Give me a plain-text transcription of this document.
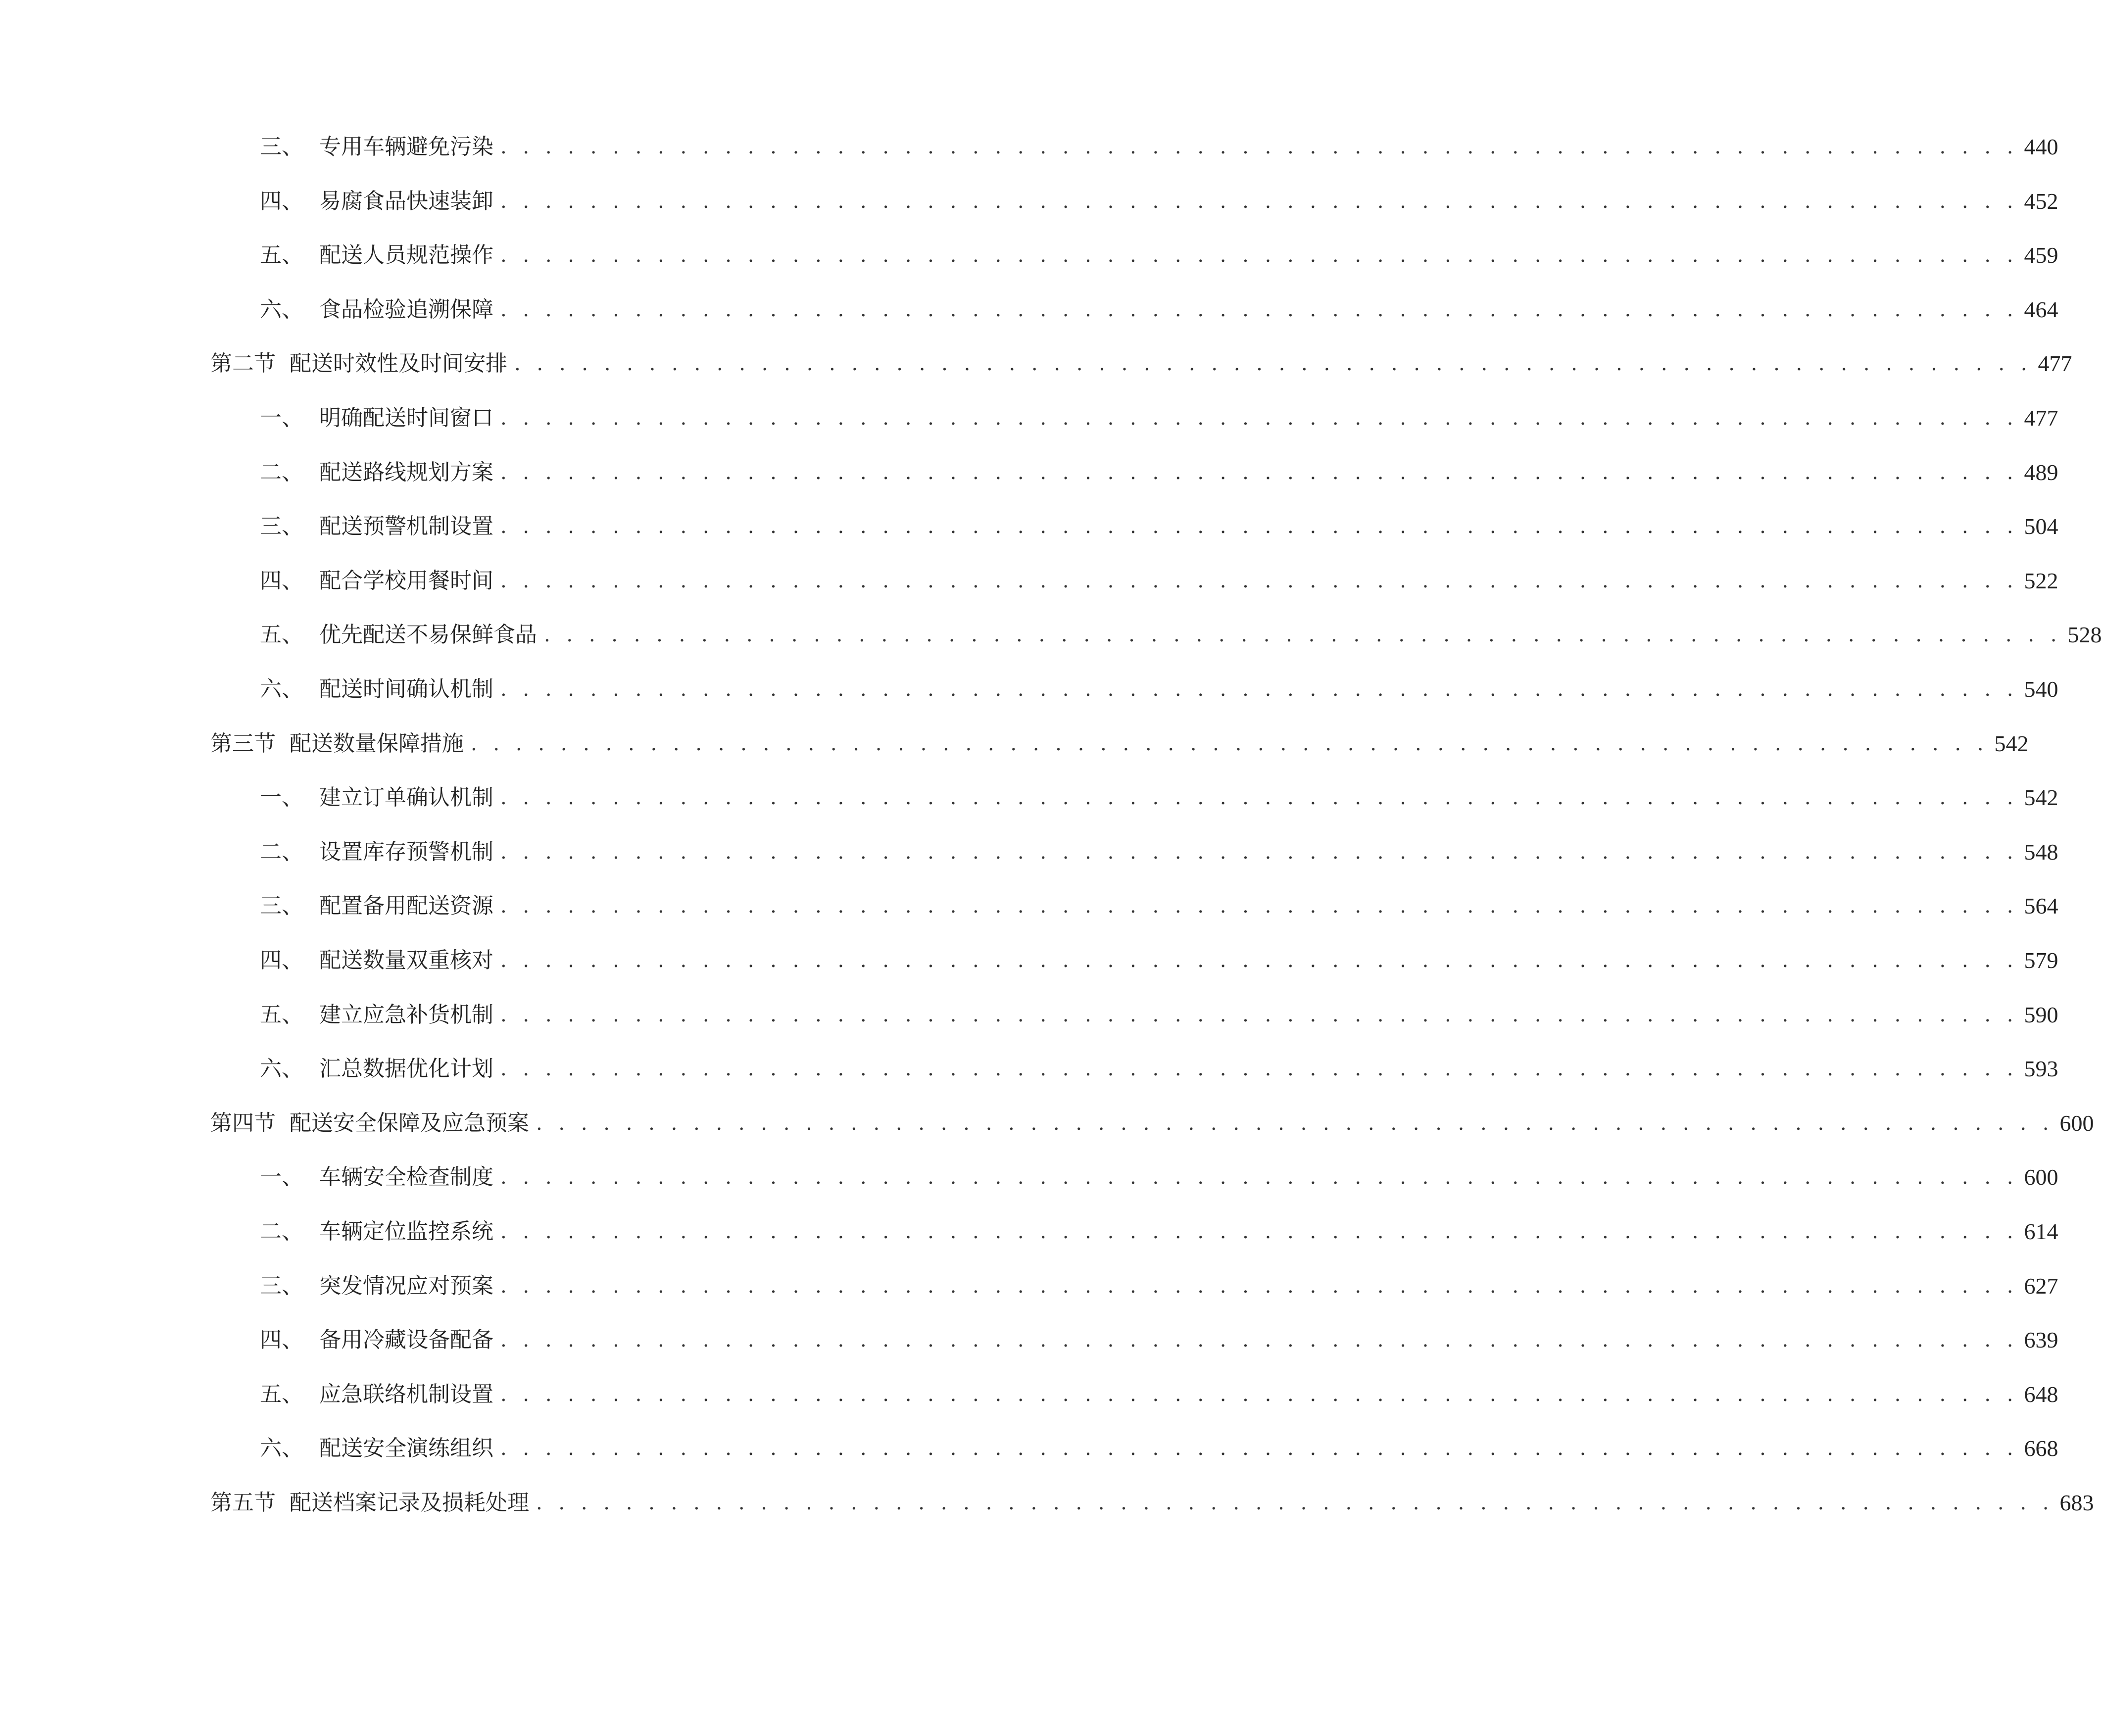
三、 专用车辆避免污染 . . . . . . . . . . . . . . . . . . . . . . . . . . . . . . . . . . . . . . . . . . . . . . . . . . . . . . . . . . . . . . . . . . . . 440
四、 易腐食品快速装卸 . . . . . . . . . . . . . . . . . . . . . . . . . . . . . . . . . . . . . . . . . . . . . . . . . . . . . . . . . . . . . . . . . . . . 452
五、 配送人员规范操作 . . . . . . . . . . . . . . . . . . . . . . . . . . . . . . . . . . . . . . . . . . . . . . . . . . . . . . . . . . . . . . . . . . . . 459
六、 食品检验追溯保障 . . . . . . . . . . . . . . . . . . . . . . . . . . . . . . . . . . . . . . . . . . . . . . . . . . . . . . . . . . . . . . . . . . . . 464
第二节 配送时效性及时间安排 . . . . . . . . . . . . . . . . . . . . . . . . . . . . . . . . . . . . . . . . . . . . . . . . . . . . . . . . . . . . . . . . . . . . 477
一、 明确配送时间窗口 . . . . . . . . . . . . . . . . . . . . . . . . . . . . . . . . . . . . . . . . . . . . . . . . . . . . . . . . . . . . . . . . . . . . 477
二、 配送路线规划方案 . . . . . . . . . . . . . . . . . . . . . . . . . . . . . . . . . . . . . . . . . . . . . . . . . . . . . . . . . . . . . . . . . . . . 489
三、 配送预警机制设置 . . . . . . . . . . . . . . . . . . . . . . . . . . . . . . . . . . . . . . . . . . . . . . . . . . . . . . . . . . . . . . . . . . . . 504
四、 配合学校用餐时间 . . . . . . . . . . . . . . . . . . . . . . . . . . . . . . . . . . . . . . . . . . . . . . . . . . . . . . . . . . . . . . . . . . . . 522
五、 优先配送不易保鲜食品 . . . . . . . . . . . . . . . . . . . . . . . . . . . . . . . . . . . . . . . . . . . . . . . . . . . . . . . . . . . . . . . . . . . . 528
六、 配送时间确认机制 . . . . . . . . . . . . . . . . . . . . . . . . . . . . . . . . . . . . . . . . . . . . . . . . . . . . . . . . . . . . . . . . . . . . 540
第三节 配送数量保障措施 . . . . . . . . . . . . . . . . . . . . . . . . . . . . . . . . . . . . . . . . . . . . . . . . . . . . . . . . . . . . . . . . . . . . 542
一、 建立订单确认机制 . . . . . . . . . . . . . . . . . . . . . . . . . . . . . . . . . . . . . . . . . . . . . . . . . . . . . . . . . . . . . . . . . . . . 542
二、 设置库存预警机制 . . . . . . . . . . . . . . . . . . . . . . . . . . . . . . . . . . . . . . . . . . . . . . . . . . . . . . . . . . . . . . . . . . . . 548
三、 配置备用配送资源 . . . . . . . . . . . . . . . . . . . . . . . . . . . . . . . . . . . . . . . . . . . . . . . . . . . . . . . . . . . . . . . . . . . . 564
四、 配送数量双重核对 . . . . . . . . . . . . . . . . . . . . . . . . . . . . . . . . . . . . . . . . . . . . . . . . . . . . . . . . . . . . . . . . . . . . 579
五、 建立应急补货机制 . . . . . . . . . . . . . . . . . . . . . . . . . . . . . . . . . . . . . . . . . . . . . . . . . . . . . . . . . . . . . . . . . . . . 590
六、 汇总数据优化计划 . . . . . . . . . . . . . . . . . . . . . . . . . . . . . . . . . . . . . . . . . . . . . . . . . . . . . . . . . . . . . . . . . . . . 593
第四节 配送安全保障及应急预案 . . . . . . . . . . . . . . . . . . . . . . . . . . . . . . . . . . . . . . . . . . . . . . . . . . . . . . . . . . . . . . . . . . . . 600
一、 车辆安全检查制度 . . . . . . . . . . . . . . . . . . . . . . . . . . . . . . . . . . . . . . . . . . . . . . . . . . . . . . . . . . . . . . . . . . . . 600
二、 车辆定位监控系统 . . . . . . . . . . . . . . . . . . . . . . . . . . . . . . . . . . . . . . . . . . . . . . . . . . . . . . . . . . . . . . . . . . . . 614
三、 突发情况应对预案 . . . . . . . . . . . . . . . . . . . . . . . . . . . . . . . . . . . . . . . . . . . . . . . . . . . . . . . . . . . . . . . . . . . . 627
四、 备用冷藏设备配备 . . . . . . . . . . . . . . . . . . . . . . . . . . . . . . . . . . . . . . . . . . . . . . . . . . . . . . . . . . . . . . . . . . . . 639
五、 应急联络机制设置 . . . . . . . . . . . . . . . . . . . . . . . . . . . . . . . . . . . . . . . . . . . . . . . . . . . . . . . . . . . . . . . . . . . . 648
六、 配送安全演练组织 . . . . . . . . . . . . . . . . . . . . . . . . . . . . . . . . . . . . . . . . . . . . . . . . . . . . . . . . . . . . . . . . . . . . 668
第五节 配送档案记录及损耗处理 . . . . . . . . . . . . . . . . . . . . . . . . . . . . . . . . . . . . . . . . . . . . . . . . . . . . . . . . . . . . . . . . . . . . 683
